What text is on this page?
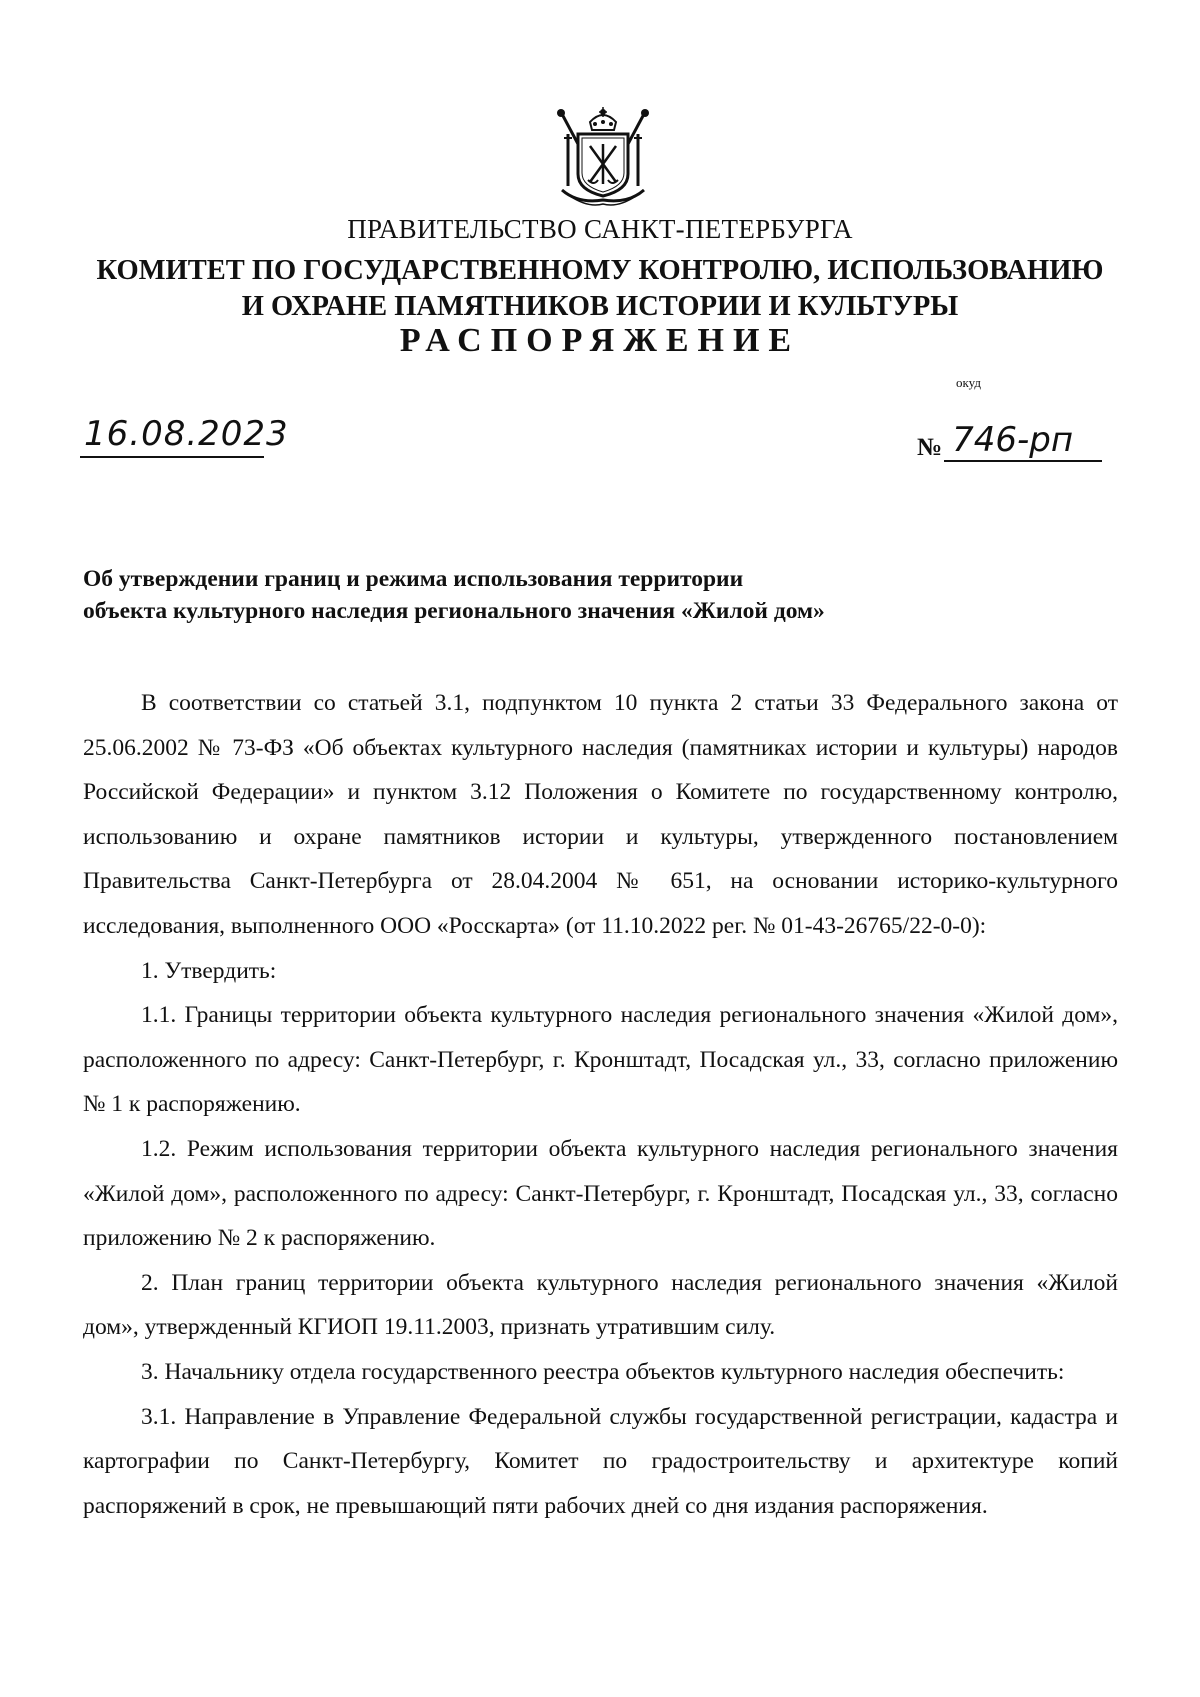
ПРАВИТЕЛЬСТВО САНКТ-ПЕТЕРБУРГА
КОМИТЕТ ПО ГОСУДАРСТВЕННОМУ КОНТРОЛЮ, ИСПОЛЬЗОВАНИЮ
И ОХРАНЕ ПАМЯТНИКОВ ИСТОРИИ И КУЛЬТУРЫ
РАСПОРЯЖЕНИЕ
окуд
16.08.2023	№ 746-рп
Об утверждении границ и режима использования территории
объекта культурного наследия регионального значения «Жилой дом»

В соответствии со статьей 3.1, подпунктом 10 пункта 2 статьи 33 Федерального закона от 25.06.2002 № 73-ФЗ «Об объектах культурного наследия (памятниках истории и культуры) народов Российской Федерации» и пунктом 3.12 Положения о Комитете по государственному контролю, использованию и охране памятников истории и культуры, утвержденного постановлением Правительства Санкт-Петербурга от 28.04.2004 № 651, на основании историко-культурного исследования, выполненного ООО «Росскарта» (от 11.10.2022 рег. № 01-43-26765/22-0-0):

1. Утвердить:

1.1. Границы территории объекта культурного наследия регионального значения «Жилой дом», расположенного по адресу: Санкт-Петербург, г. Кронштадт, Посадская ул., 33, согласно приложению № 1 к распоряжению.

1.2. Режим использования территории объекта культурного наследия регионального значения «Жилой дом», расположенного по адресу: Санкт-Петербург, г. Кронштадт, Посадская ул., 33, согласно приложению № 2 к распоряжению.

2. План границ территории объекта культурного наследия регионального значения «Жилой дом», утвержденный КГИОП 19.11.2003, признать утратившим силу.

3. Начальнику отдела государственного реестра объектов культурного наследия обеспечить:

3.1. Направление в Управление Федеральной службы государственной регистрации, кадастра и картографии по Санкт-Петербургу, Комитет по градостроительству и архитектуре копий распоряжений в срок, не превышающий пяти рабочих дней со дня издания распоряжения.
